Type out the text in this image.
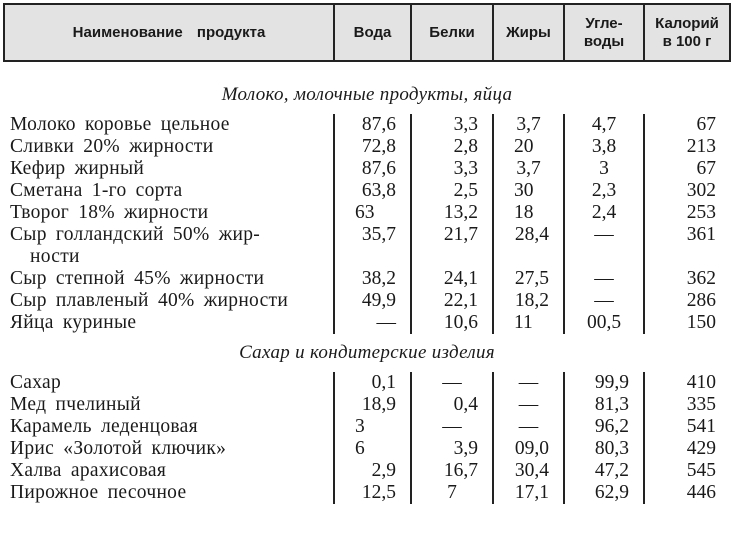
Наименование продукта	Вода	Белки	Жиры	Угле-
воды	Калорий
в 100 г
Молоко, молочные продукты, яйца					
Молоко коровье цельное	87,6	3,3	3,7	4,7	67
Сливки 20% жирности	72,8	2,8	20	3,8	213
Кефир жирный	87,6	3,3	3,7	3	67
Сметана 1-го сорта	63,8	2,5	30	2,3	302
Творог 18% жирности	63	13,2	18	2,4	253
Сыр голландский 50% жир-
ности	35,7	21,7	28,4	—	361
Сыр степной 45% жирности	38,2	24,1	27,5	—	362
Сыр плавленый 40% жирности	49,9	22,1	18,2	—	286
Яйца куриные	—	10,6	11	00,5	150
Сахар и кондитерские изделия					
Сахар	0,1	—	—	99,9	410
Мед пчелиный	18,9	0,4	—	81,3	335
Карамель леденцовая	3	—	—	96,2	541
Ирис «Золотой ключик»	6	3,9	09,0	80,3	429
Халва арахисовая	2,9	16,7	30,4	47,2	545
Пирожное песочное	12,5	7	17,1	62,9	446
